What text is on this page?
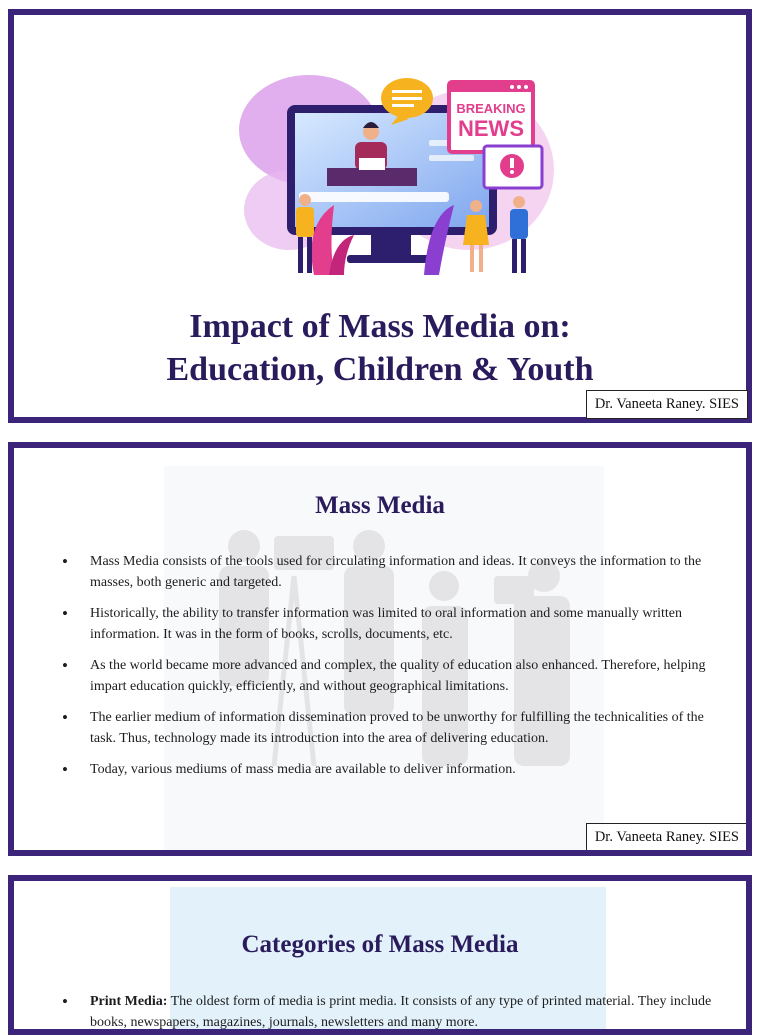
BREAKING
NEWS
Impact of Mass Media on:
Education, Children & Youth
Dr. Vaneeta Raney. SIES
Mass Media
• Mass Media consists of the tools used for circulating information and ideas. It conveys the information to the masses, both generic and targeted.
• Historically, the ability to transfer information was limited to oral information and some manually written information. It was in the form of books, scrolls, documents, etc.
• As the world became more advanced and complex, the quality of education also enhanced. Therefore, helping impart education quickly, efficiently, and without geographical limitations.
• The earlier medium of information dissemination proved to be unworthy for fulfilling the technicalities of the task. Thus, technology made its introduction into the area of delivering education.
• Today, various mediums of mass media are available to deliver information.
Dr. Vaneeta Raney. SIES
Categories of Mass Media
• Print Media: The oldest form of media is print media. It consists of any type of printed material. They include books, newspapers, magazines, journals, newsletters and many more.
